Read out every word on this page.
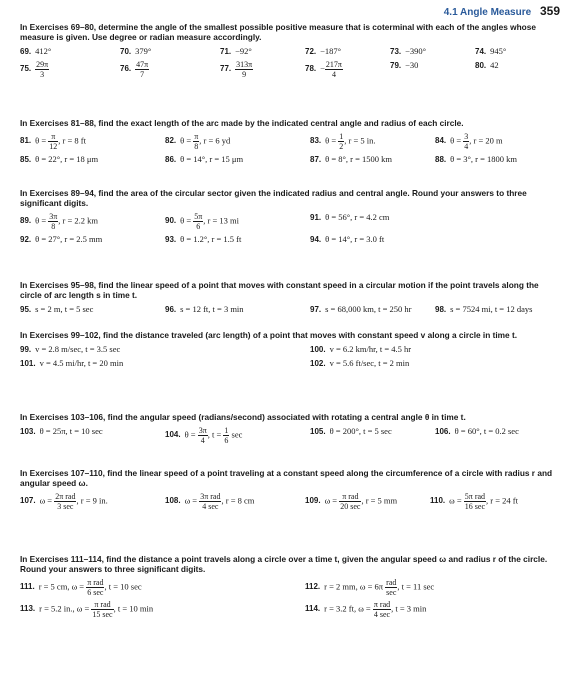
4.1 Angle Measure 359

In Exercises 69–80, determine the angle of the smallest possible positive measure that is coterminal with each of the angles whose measure is given. Use degree or radian measure accordingly.

69. 412°	70. 379°	71. −92°	72. −187°	73. −390°	74. 945°
75. $\frac{29\pi}{3}$	76. $\frac{47\pi}{7}$	77. $\frac{313\pi}{9}$	78. − $\frac{217\pi}{4}$	79. −30	80. 42

In Exercises 81–88, find the exact length of the arc made by the indicated central angle and radius of each circle.

81. $\theta = \frac{\pi}{12}$ , r = 8 ft	82. $\theta = \frac{\pi}{8}$ , r = 6 yd	83. $\theta = \frac{1}{2}$ , r = 5 in.	84. $\theta = \frac{3}{4}$ , r = 20 m
85. θ = 22°, r = 18 μm	86. θ = 14°, r = 15 μm	87. θ = 8°, r = 1500 km	88. θ = 3°, r = 1800 km

In Exercises 89–94, find the area of the circular sector given the indicated radius and central angle. Round your answers to three significant digits.

89. $\theta = \frac{3\pi}{8}$ , r = 2.2 km	90. $\theta = \frac{5\pi}{6}$ , r = 13 mi	91. θ = 56°, r = 4.2 cm
92. θ = 27°, r = 2.5 mm	93. θ = 1.2°, r = 1.5 ft	94. θ = 14°, r = 3.0 ft

In Exercises 95–98, find the linear speed of a point that moves with constant speed in a circular motion if the point travels along the circle of arc length s in time t.

95. s = 2 m, t = 5 sec	96. s = 12 ft, t = 3 min	97. s = 68,000 km, t = 250 hr	98. s = 7524 mi, t = 12 days

In Exercises 99–102, find the distance traveled (arc length) of a point that moves with constant speed v along a circle in time t.

99. v = 2.8 m/sec, t = 3.5 sec	100. v = 6.2 km/hr, t = 4.5 hr
101. v = 4.5 mi/hr, t = 20 min	102. v = 5.6 ft/sec, t = 2 min

In Exercises 103–106, find the angular speed (radians/second) associated with rotating a central angle θ in time t.

103. θ = 25π, t = 10 sec	104. $\theta = \frac{3\pi}{4}$ , $t = \frac{1}{6}$ sec	105. θ = 200°, t = 5 sec	106. θ = 60°, t = 0.2 sec

In Exercises 107–110, find the linear speed of a point traveling at a constant speed along the circumference of a circle with radius r and angular speed ω.

107. $\omega = \frac{\text{2π rad}}{3 \sec}$ , r = 9 in.	108. $\omega = \frac{\text{3π rad}}{4 \sec}$ , r = 8 cm	109. $\omega = \frac{\text{π rad}}{20 \sec}$ , r = 5 mm	110. $\omega = \frac{\text{5π rad}}{16 \sec}$ , r = 24 ft

In Exercises 111–114, find the distance a point travels along a circle over a time t, given the angular speed ω and radius r of the circle. Round your answers to three significant digits.

111. r = 5 cm, $\omega = \frac{\text{π rad}}{6 \sec}$ , t = 10 sec	112. r = 2 mm, $\omega = 6\pi \frac{\text{rad}}{\sec}$ , t = 11 sec
113. r = 5.2 in., $\omega = \frac{\text{π rad}}{15 \sec}$ , t = 10 min	114. r = 3.2 ft, $\omega = \frac{\text{π rad}}{4 \sec}$ , t = 3 min
